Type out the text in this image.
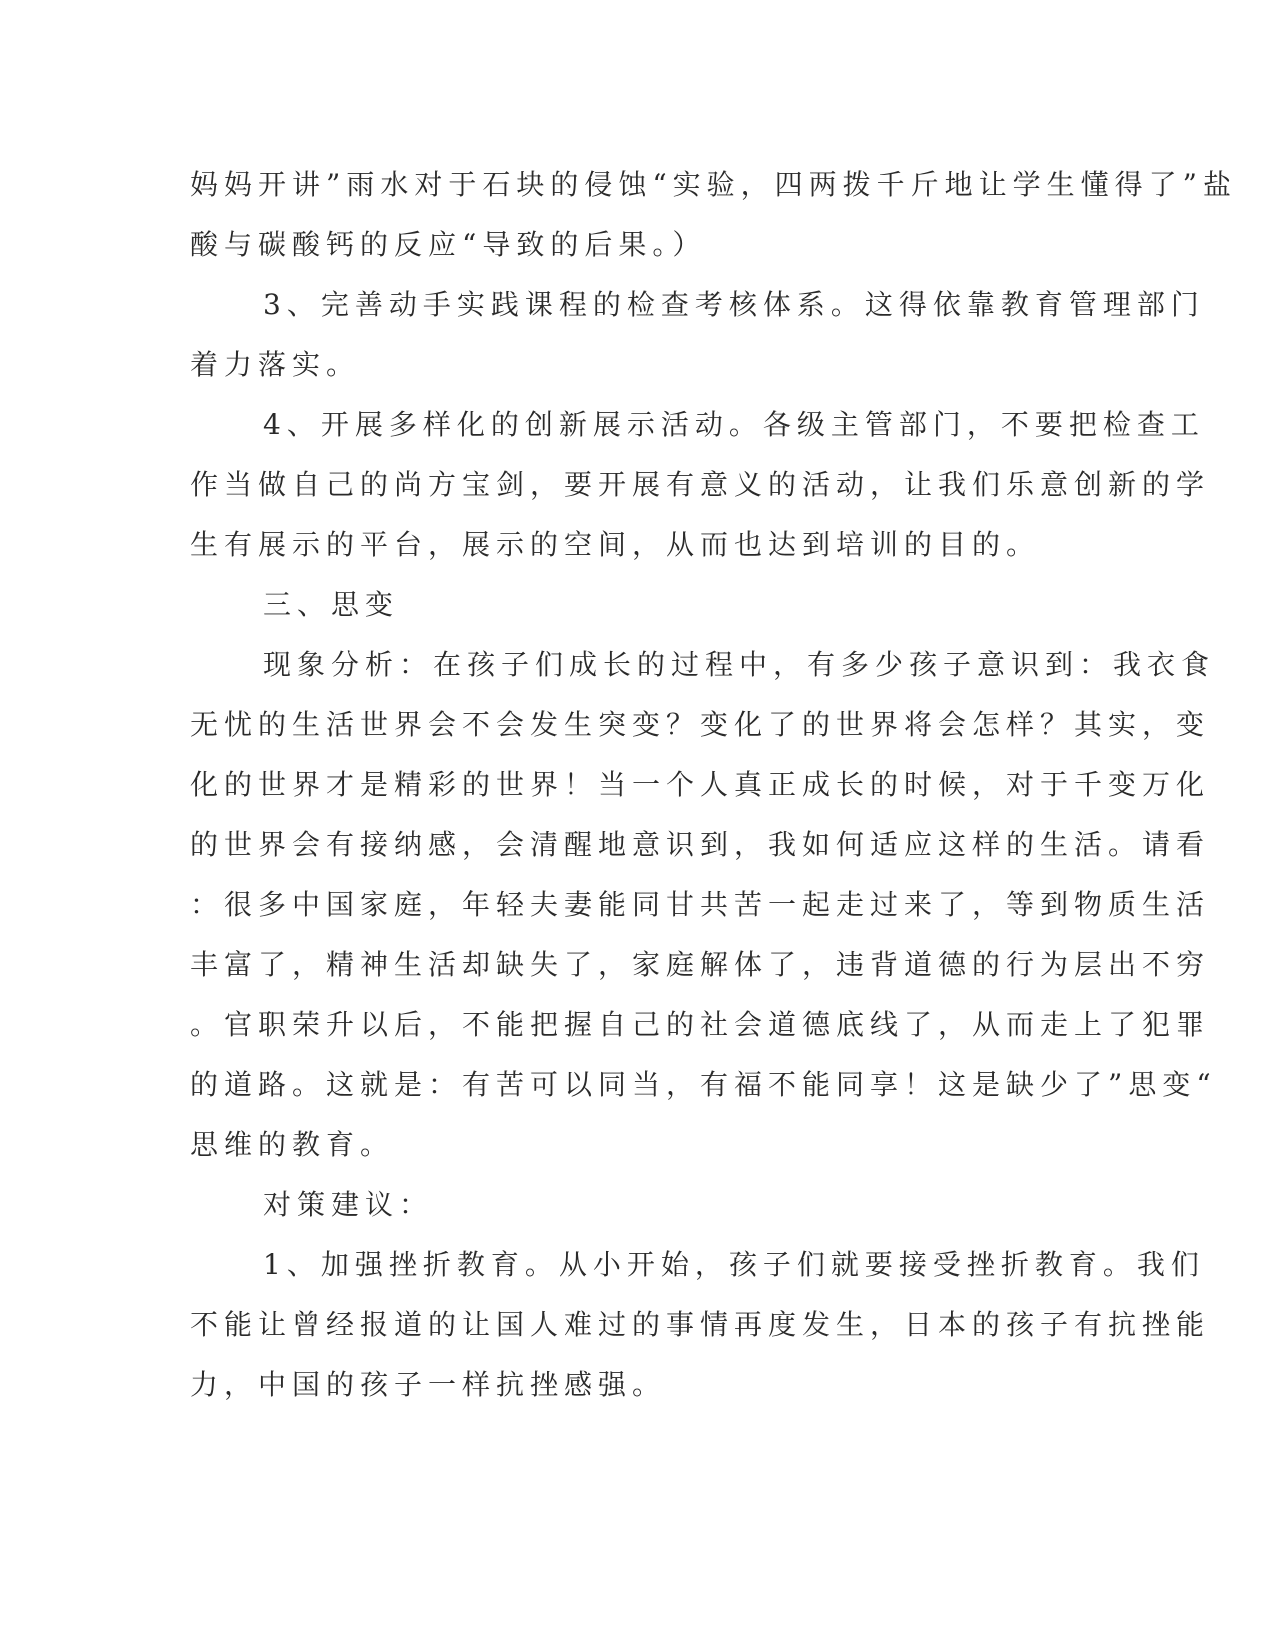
妈妈开讲”雨水对于石块的侵蚀“实验，四两拨千斤地让学生懂得了”盐
酸与碳酸钙的反应“导致的后果。）
3、完善动手实践课程的检查考核体系。这得依靠教育管理部门
着力落实。
4、开展多样化的创新展示活动。各级主管部门，不要把检查工
作当做自己的尚方宝剑，要开展有意义的活动，让我们乐意创新的学
生有展示的平台，展示的空间，从而也达到培训的目的。
三、思变
现象分析：在孩子们成长的过程中，有多少孩子意识到：我衣食
无忧的生活世界会不会发生突变？变化了的世界将会怎样？其实，变
化的世界才是精彩的世界！当一个人真正成长的时候，对于千变万化
的世界会有接纳感，会清醒地意识到，我如何适应这样的生活。请看
：很多中国家庭，年轻夫妻能同甘共苦一起走过来了，等到物质生活
丰富了，精神生活却缺失了，家庭解体了，违背道德的行为层出不穷
。官职荣升以后，不能把握自己的社会道德底线了，从而走上了犯罪
的道路。这就是：有苦可以同当，有福不能同享！这是缺少了”思变“
思维的教育。
对策建议：
1、加强挫折教育。从小开始，孩子们就要接受挫折教育。我们
不能让曾经报道的让国人难过的事情再度发生，日本的孩子有抗挫能
力，中国的孩子一样抗挫感强。
